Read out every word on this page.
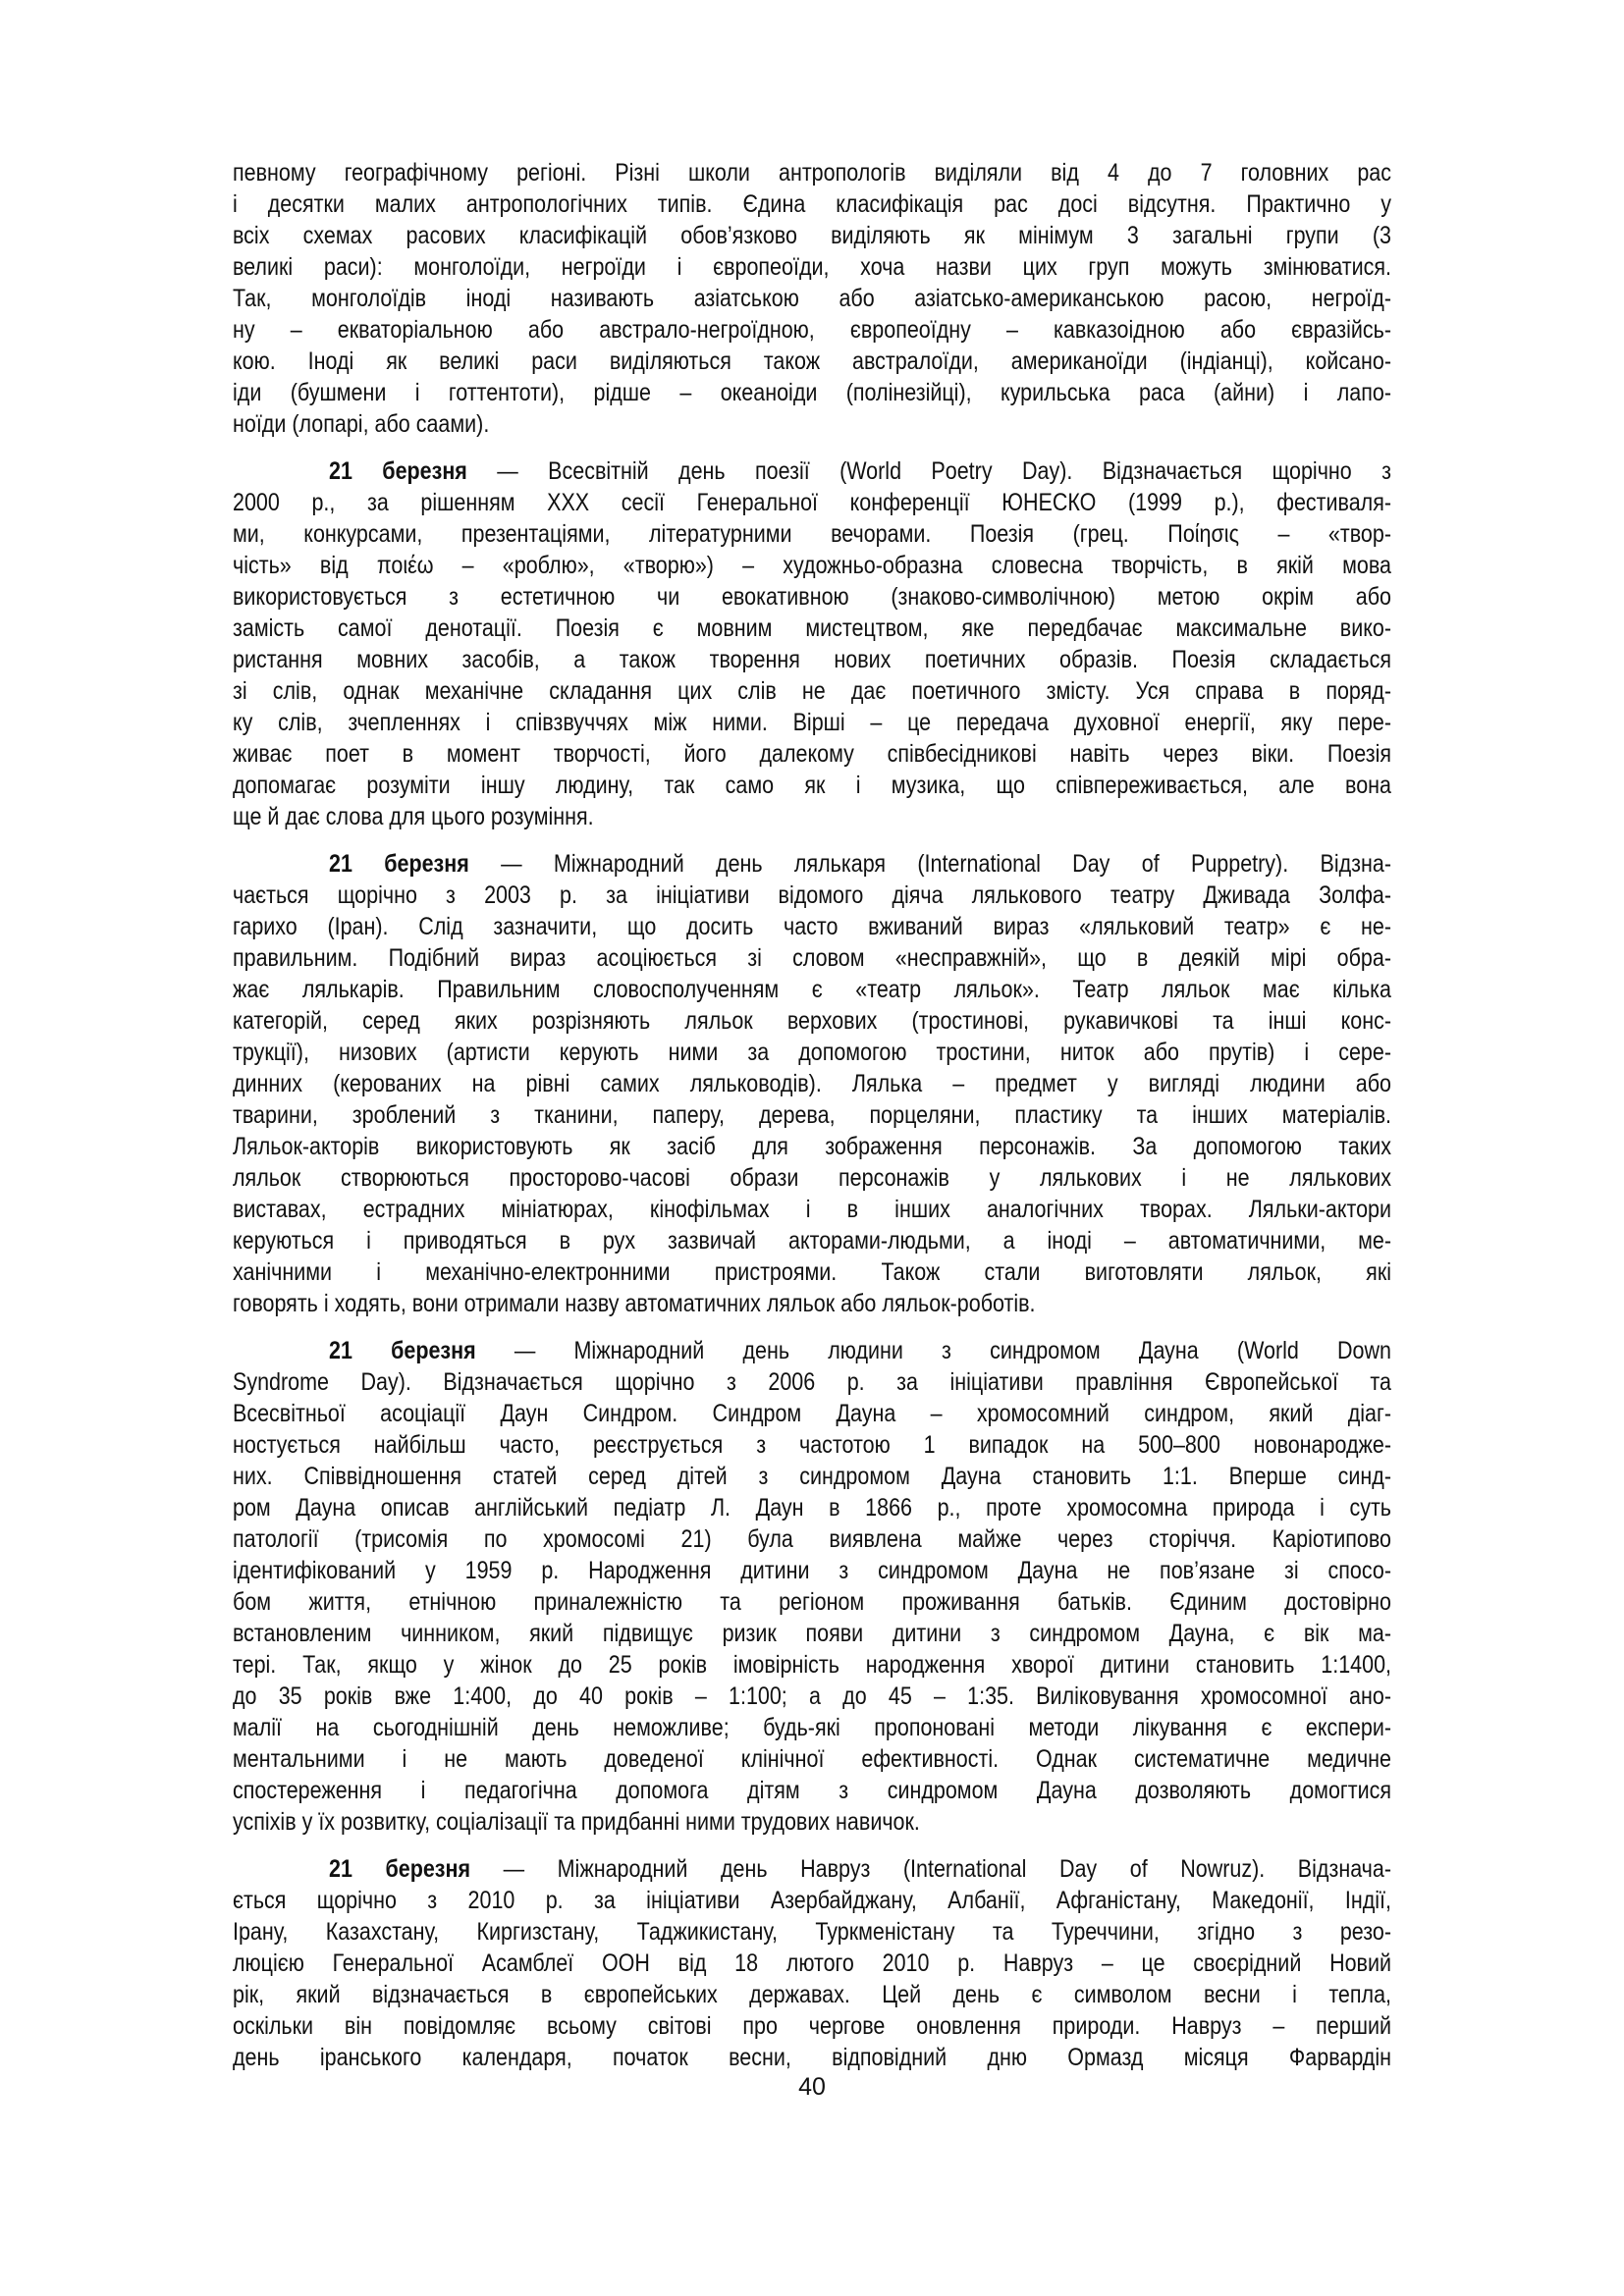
певному географічному регіоні. Різні школи антропологів виділяли від 4 до 7 головних рас
і десятки малих антропологічних типів. Єдина класифікація рас досі відсутня. Практично у
всіх схемах расових класифікацій обов’язково виділяють як мінімум 3 загальні групи (3
великі раси): монголоїди, негроїди і європеоїди, хоча назви цих груп можуть змінюватися.
Так, монголоїдів іноді називають азіатською або азіатсько-американською расою, негроїд-
ну – екваторіальною або австрало-негроїдною, європеоїдну – кавказоідною або євразійсь-
кою. Іноді як великі раси виділяються також австралоїди, американоїди (індіанці), койсано-
іди (бушмени і готтентоти), рідше – океаноіди (полінезійці), курильська раса (айни) і лапо-
ноїди (лопарі, або саами).
21 березня — Всесвітній день поезії (World Poetry Day). Відзначається щорічно з
2000 р., за рішенням ХХХ сесії Генеральної конференції ЮНЕСКО (1999 р.), фестиваля-
ми, конкурсами, презентаціями, літературними вечорами. Поезія (грец. Ποίησις – «твор-
чість» від ποιέω – «роблю», «творю») – художньо-образна словесна творчість, в якій мова
використовується з естетичною чи евокативною (знаково-символічною) метою окрім або
замість самої денотації. Поезія є мовним мистецтвом, яке передбачає максимальне вико-
ристання мовних засобів, а також творення нових поетичних образів. Поезія складається
зі слів, однак механічне складання цих слів не дає поетичного змісту. Уся справа в поряд-
ку слів, зчепленнях і співзвуччях між ними. Вірші – це передача духовної енергії, яку пере-
живає поет в момент творчості, його далекому співбесідникові навіть через віки. Поезія
допомагає розуміти іншу людину, так само як і музика, що співпереживається, але вона
ще й дає слова для цього розуміння.
21 березня — Міжнародний день лялькаря (International Day of Puppetry). Відзна-
чається щорічно з 2003 р. за ініціативи відомого діяча лялькового театру Дживада Золфа-
гарихо (Іран). Слід зазначити, що досить часто вживаний вираз «ляльковий театр» є не-
правильним. Подібний вираз асоціюється зі словом «несправжній», що в деякій мірі обра-
жає лялькарів. Правильним словосполученням є «театр ляльок». Театр ляльок має кілька
категорій, серед яких розрізняють ляльок верхових (тростинові, рукавичкові та інші конс-
трукції), низових (артисти керують ними за допомогою тростини, ниток або прутів) і сере-
динних (керованих на рівні самих ляльководів). Лялька – предмет у вигляді людини або
тварини, зроблений з тканини, паперу, дерева, порцеляни, пластику та інших матеріалів.
Ляльок-акторів використовують як засіб для зображення персонажів. За допомогою таких
ляльок створюються просторово-часові образи персонажів у лялькових і не лялькових
виставах, естрадних мініатюрах, кінофільмах і в інших аналогічних творах. Ляльки-актори
керуються і приводяться в рух зазвичай акторами-людьми, а іноді – автоматичними, ме-
ханічними і механічно-електронними пристроями. Також стали виготовляти ляльок, які
говорять і ходять, вони отримали назву автоматичних ляльок або ляльок-роботів.
21 березня — Міжнародний день людини з синдромом Дауна (World Down
Syndrome Day). Відзначається щорічно з 2006 р. за ініціативи правління Європейської та
Всесвітньої асоціації Даун Синдром. Синдром Дауна – хромосомний синдром, який діаг-
ностується найбільш часто, реєструється з частотою 1 випадок на 500–800 новонародже-
них. Співвідношення статей серед дітей з синдромом Дауна становить 1:1. Вперше синд-
ром Дауна описав англійський педіатр Л. Даун в 1866 р., проте хромосомна природа і суть
патології (трисомія по хромосомі 21) була виявлена майже через сторіччя. Каріотипово
ідентифікований у 1959 р. Народження дитини з синдромом Дауна не пов’язане зі спосо-
бом життя, етнічною приналежністю та регіоном проживання батьків. Єдиним достовірно
встановленим чинником, який підвищує ризик появи дитини з синдромом Дауна, є вік ма-
тері. Так, якщо у жінок до 25 років імовірність народження хворої дитини становить 1:1400,
до 35 років вже 1:400, до 40 років – 1:100; а до 45 – 1:35. Виліковування хромосомної ано-
малії на сьогоднішній день неможливе; будь-які пропоновані методи лікування є експери-
ментальними і не мають доведеної клінічної ефективності. Однак систематичне медичне
спостереження і педагогічна допомога дітям з синдромом Дауна дозволяють домогтися
успіхів у їх розвитку, соціалізації та придбанні ними трудових навичок.
21 березня — Міжнародний день Навруз (International Day of Nowruz). Відзнача-
ється щорічно з 2010 р. за ініціативи Азербайджану, Албанії, Афганістану, Македонії, Індії,
Ірану, Казахстану, Киргизстану, Таджикистану, Туркменістану та Туреччини, згідно з резо-
люцією Генеральної Асамблеї ООН від 18 лютого 2010 р. Навруз – це своєрідний Новий
рік, який відзначається в європейських державах. Цей день є символом весни і тепла,
оскільки він повідомляє всьому світові про чергове оновлення природи. Навруз – перший
день іранського календаря, початок весни, відповідний дню Ормазд місяця Фарвардін
40
